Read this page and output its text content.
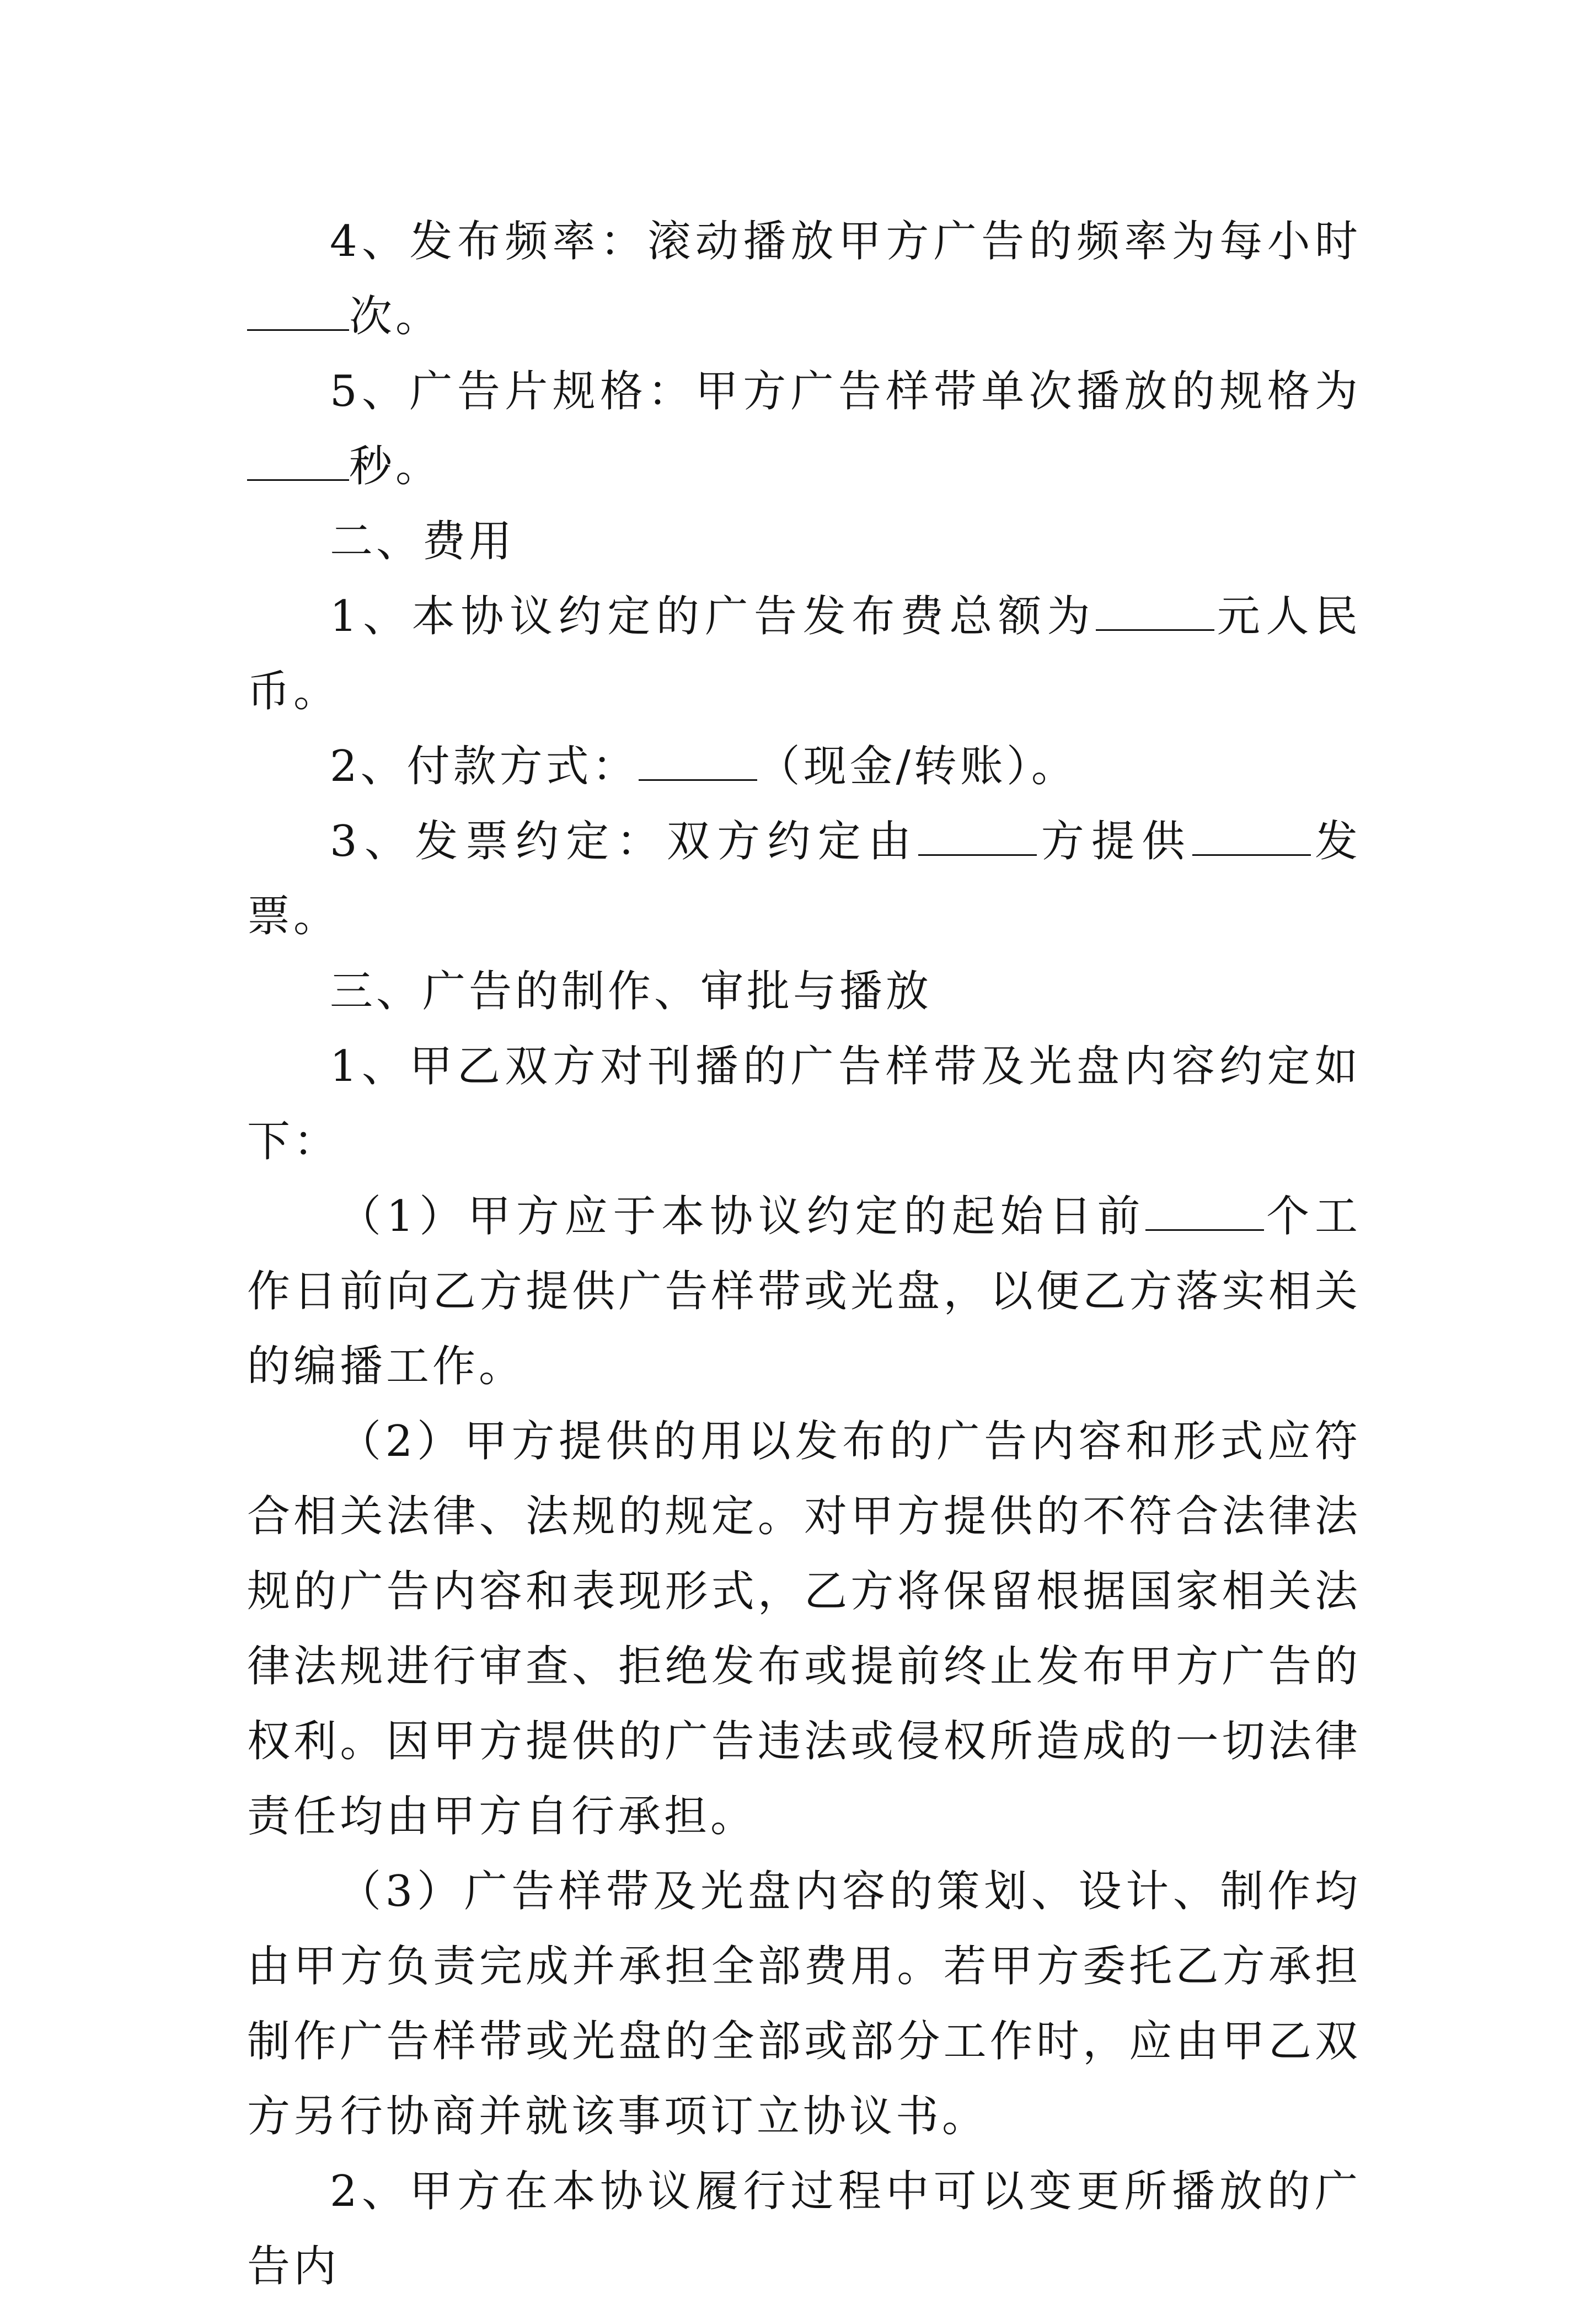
4、发布频率：滚动播放甲方广告的频率为每小时次。

5、广告片规格：甲方广告样带单次播放的规格为秒。

二、费用

1、本协议约定的广告发布费总额为	元人民币。

2、付款方式：	（现金/转账）。

3、发票约定：双方约定由	方提供	发票。

三、广告的制作、审批与播放

1、甲乙双方对刊播的广告样带及光盘内容约定如下：

（1）甲方应于本协议约定的起始日前	个工作日前向乙方提供广告样带或光盘，以便乙方落实相关的编播工作。

（2）甲方提供的用以发布的广告内容和形式应符合相关法律、法规的规定。对甲方提供的不符合法律法规的广告内容和表现形式，乙方将保留根据国家相关法律法规进行审查、拒绝发布或提前终止发布甲方广告的权利。因甲方提供的广告违法或侵权所造成的一切法律责任均由甲方自行承担。

（3）广告样带及光盘内容的策划、设计、制作均由甲方负责完成并承担全部费用。若甲方委托乙方承担制作广告样带或光盘的全部或部分工作时，应由甲乙双方另行协商并就该事项订立协议书。

2、甲方在本协议履行过程中可以变更所播放的广告内
